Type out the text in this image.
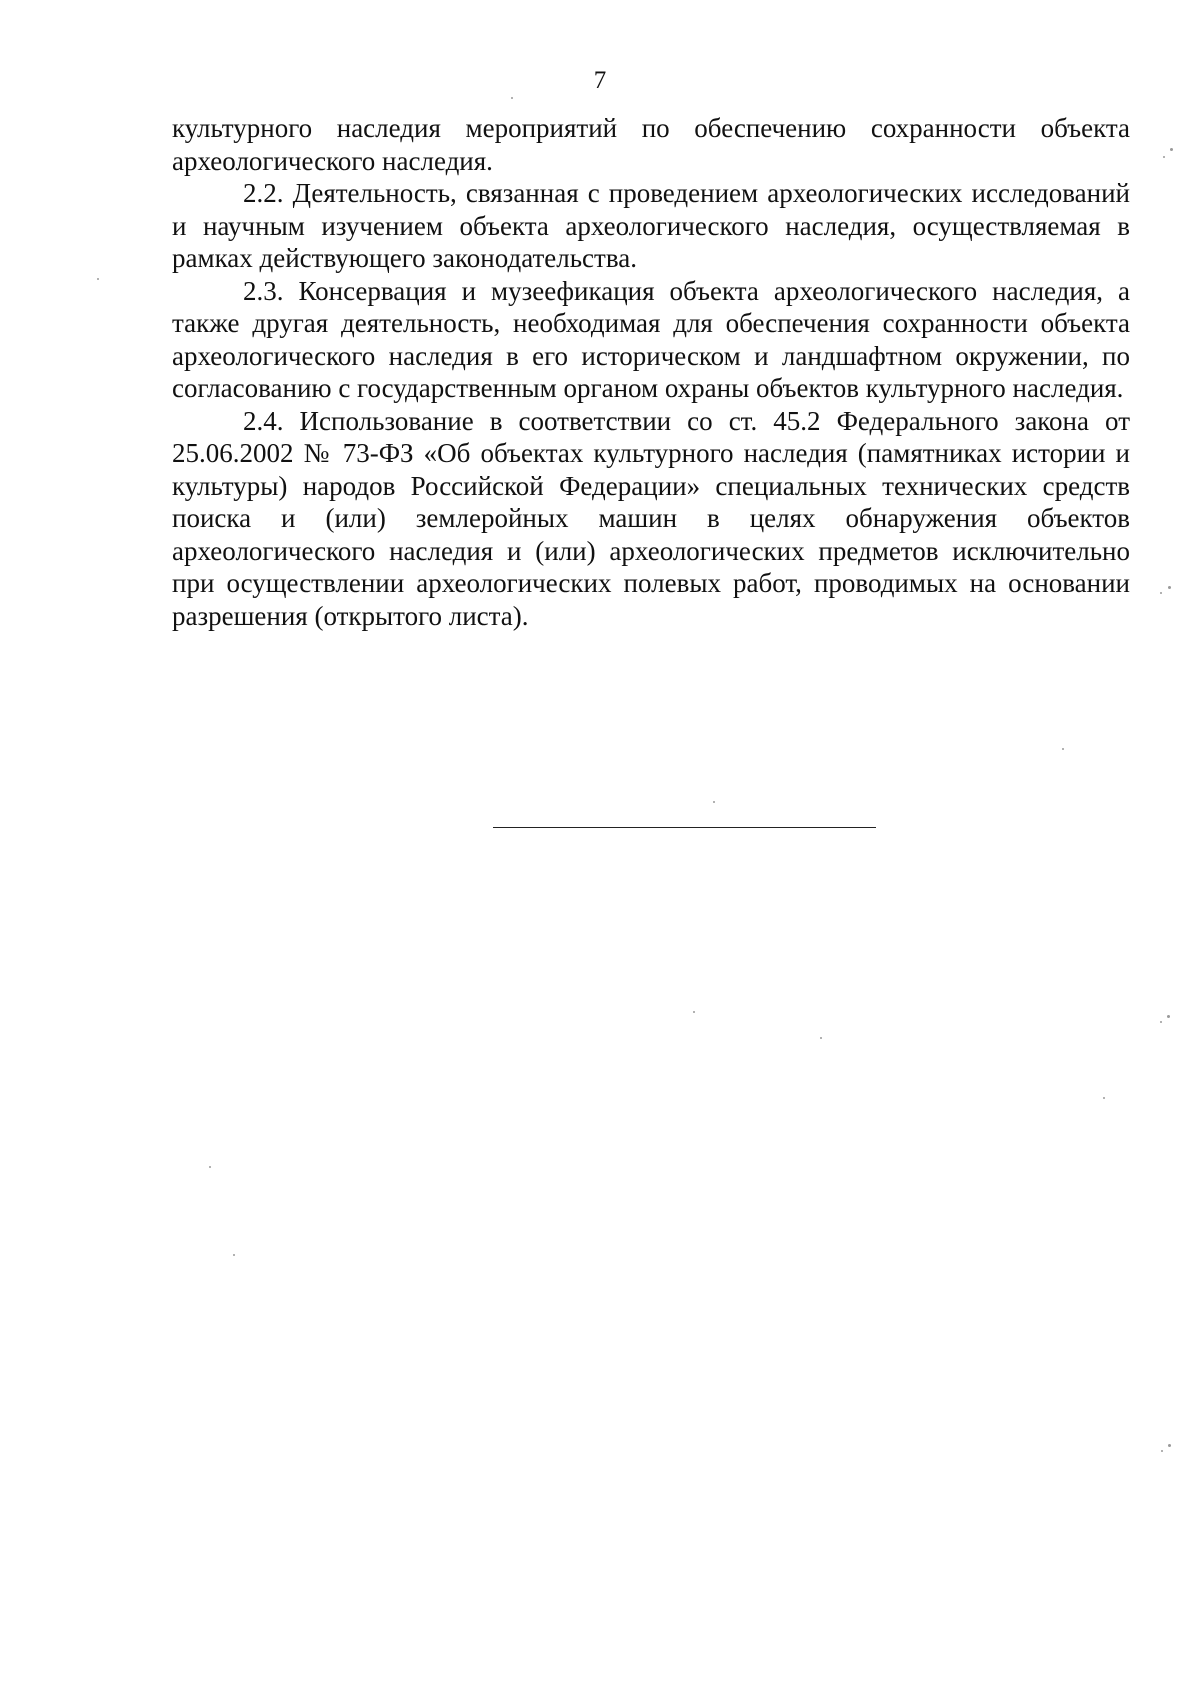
7

культурного наследия мероприятий по обеспечению сохранности объекта археологического наследия.

2.2. Деятельность, связанная с проведением археологических исследований и научным изучением объекта археологического наследия, осуществляемая в рамках действующего законодательства.

2.3. Консервация и музеефикация объекта археологического наследия, а также другая деятельность, необходимая для обеспечения сохранности объекта археологического наследия в его историческом и ландшафтном окружении, по согласованию с государственным органом охраны объектов культурного наследия.

2.4. Использование в соответствии со ст. 45.2 Федерального закона от 25.06.2002 № 73-ФЗ «Об объектах культурного наследия (памятниках истории и культуры) народов Российской Федерации» специальных технических средств поиска и (или) землеройных машин в целях обнаружения объектов археологического наследия и (или) археологических предметов исключительно при осуществлении археологических полевых работ, проводимых на основании разрешения (открытого листа).
